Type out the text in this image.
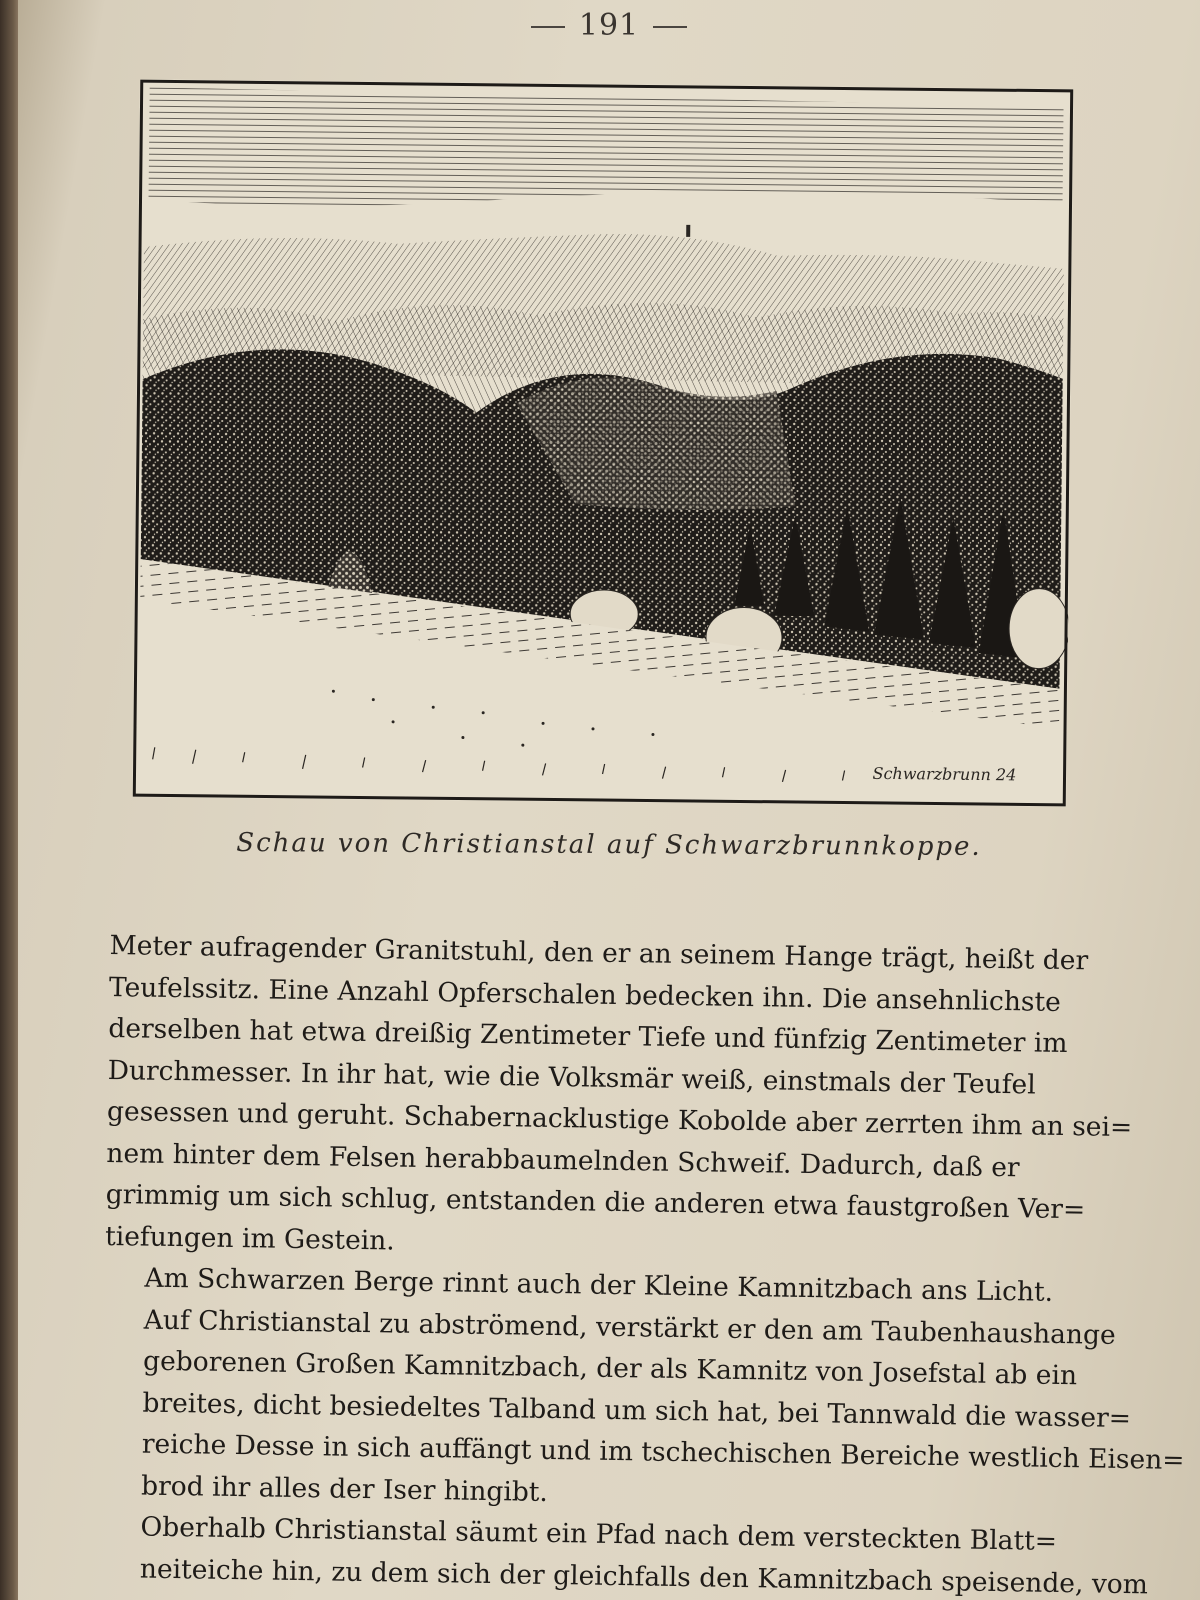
191
Schwarzbrunn 24
Schau von Christianstal auf Schwarzbrunnkoppe.

Meter aufragender Granitstuhl, den er an seinem Hange trägt, heißt der
Teufelssitz. Eine Anzahl Opferschalen bedecken ihn. Die ansehnlichste
derselben hat etwa dreißig Zentimeter Tiefe und fünfzig Zentimeter im
Durchmesser. In ihr hat, wie die Volksmär weiß, einstmals der Teufel
gesessen und geruht. Schabernacklustige Kobolde aber zerrten ihm an sei=
nem hinter dem Felsen herabbaumelnden Schweif. Dadurch, daß er
grimmig um sich schlug, entstanden die anderen etwa faustgroßen Ver=
tiefungen im Gestein.

Am Schwarzen Berge rinnt auch der Kleine Kamnitzbach ans Licht.
Auf Christianstal zu abströmend, verstärkt er den am Taubenhaushange
geborenen Großen Kamnitzbach, der als Kamnitz von Josefstal ab ein
breites, dicht besiedeltes Talband um sich hat, bei Tannwald die wasser=
reiche Desse in sich auffängt und im tschechischen Bereiche westlich Eisen=
brod ihr alles der Iser hingibt.

Oberhalb Christianstal säumt ein Pfad nach dem versteckten Blatt=
neiteiche hin, zu dem sich der gleichfalls den Kamnitzbach speisende, vom
